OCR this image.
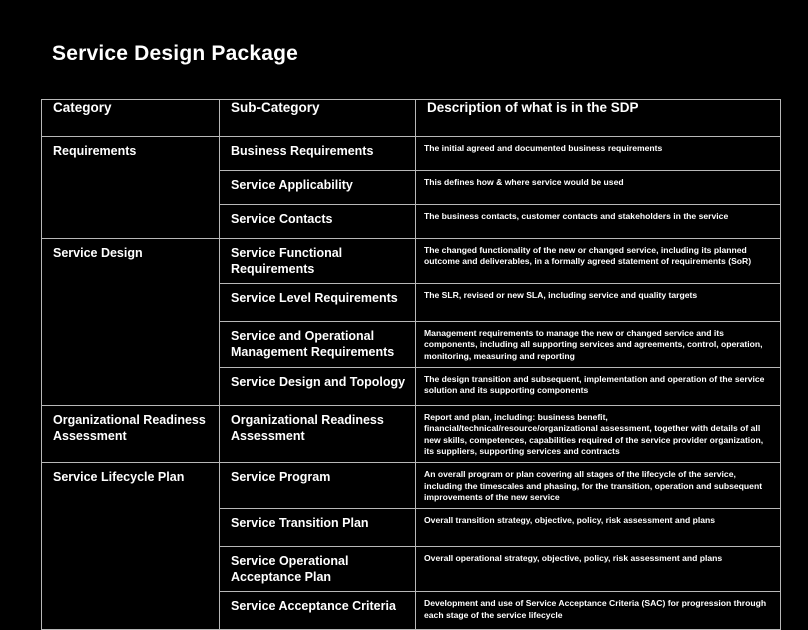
Service Design Package
Category	Sub-Category	Description of what is in the SDP

Requirements	Business Requirements	The initial agreed and documented business requirements

	Service Applicability	This defines how & where service would be used

	Service Contacts	The business contacts, customer contacts and stakeholders in the service

Service Design	Service Functional Requirements	The changed functionality of the new or changed service, including its planned outcome and deliverables, in a formally agreed statement of requirements (SoR)

	Service Level Requirements	The SLR, revised or new SLA, including service and quality targets

	Service and Operational Management Requirements	Management requirements to manage the new or changed service and its components, including all supporting services and agreements, control, operation, monitoring, measuring and reporting

	Service Design and Topology	The design transition and subsequent, implementation and operation of the service solution and its supporting components

Organizational Readiness Assessment	Organizational Readiness Assessment	Report and plan, including: business benefit, financial/technical/resource/organizational assessment, together with details of all new skills, competences, capabilities required of the service provider organization, its suppliers, supporting services and contracts

Service Lifecycle Plan	Service Program	An overall program or plan covering all stages of the lifecycle of the service, including the timescales and phasing, for the transition, operation and subsequent improvements of the new service

	Service Transition Plan	Overall transition strategy, objective, policy, risk assessment and plans

	Service Operational Acceptance Plan	Overall operational strategy, objective, policy, risk assessment and plans

	Service Acceptance Criteria	Development and use of Service Acceptance Criteria (SAC) for progression through each stage of the service lifecycle
